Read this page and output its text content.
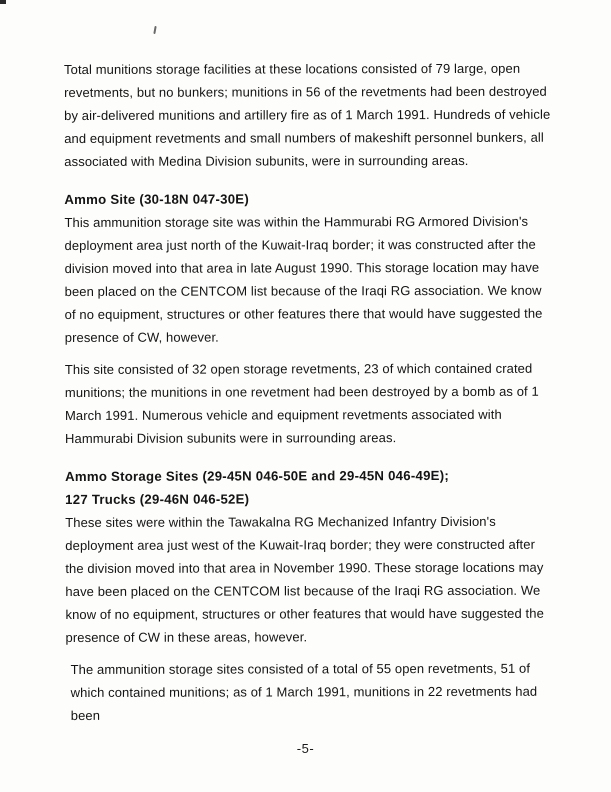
Total munitions storage facilities at these locations consisted of 79 large, open revetments, but no bunkers; munitions in 56 of the revetments had been destroyed by air-delivered munitions and artillery fire as of 1 March 1991. Hundreds of vehicle and equipment revetments and small numbers of makeshift personnel bunkers, all associated with Medina Division subunits, were in surrounding areas.

Ammo Site (30-18N 047-30E)

This ammunition storage site was within the Hammurabi RG Armored Division's deployment area just north of the Kuwait-Iraq border; it was constructed after the division moved into that area in late August 1990. This storage location may have been placed on the CENTCOM list because of the Iraqi RG association. We know of no equipment, structures or other features there that would have suggested the presence of CW, however.

This site consisted of 32 open storage revetments, 23 of which contained crated munitions; the munitions in one revetment had been destroyed by a bomb as of 1 March 1991. Numerous vehicle and equipment revetments associated with Hammurabi Division subunits were in surrounding areas.

Ammo Storage Sites (29-45N 046-50E and 29-45N 046-49E);
127 Trucks (29-46N 046-52E)

These sites were within the Tawakalna RG Mechanized Infantry Division's deployment area just west of the Kuwait-Iraq border; they were constructed after the division moved into that area in November 1990. These storage locations may have been placed on the CENTCOM list because of the Iraqi RG association. We know of no equipment, structures or other features that would have suggested the presence of CW in these areas, however.

The ammunition storage sites consisted of a total of 55 open revetments, 51 of which contained munitions; as of 1 March 1991, munitions in 22 revetments had been

-5-
